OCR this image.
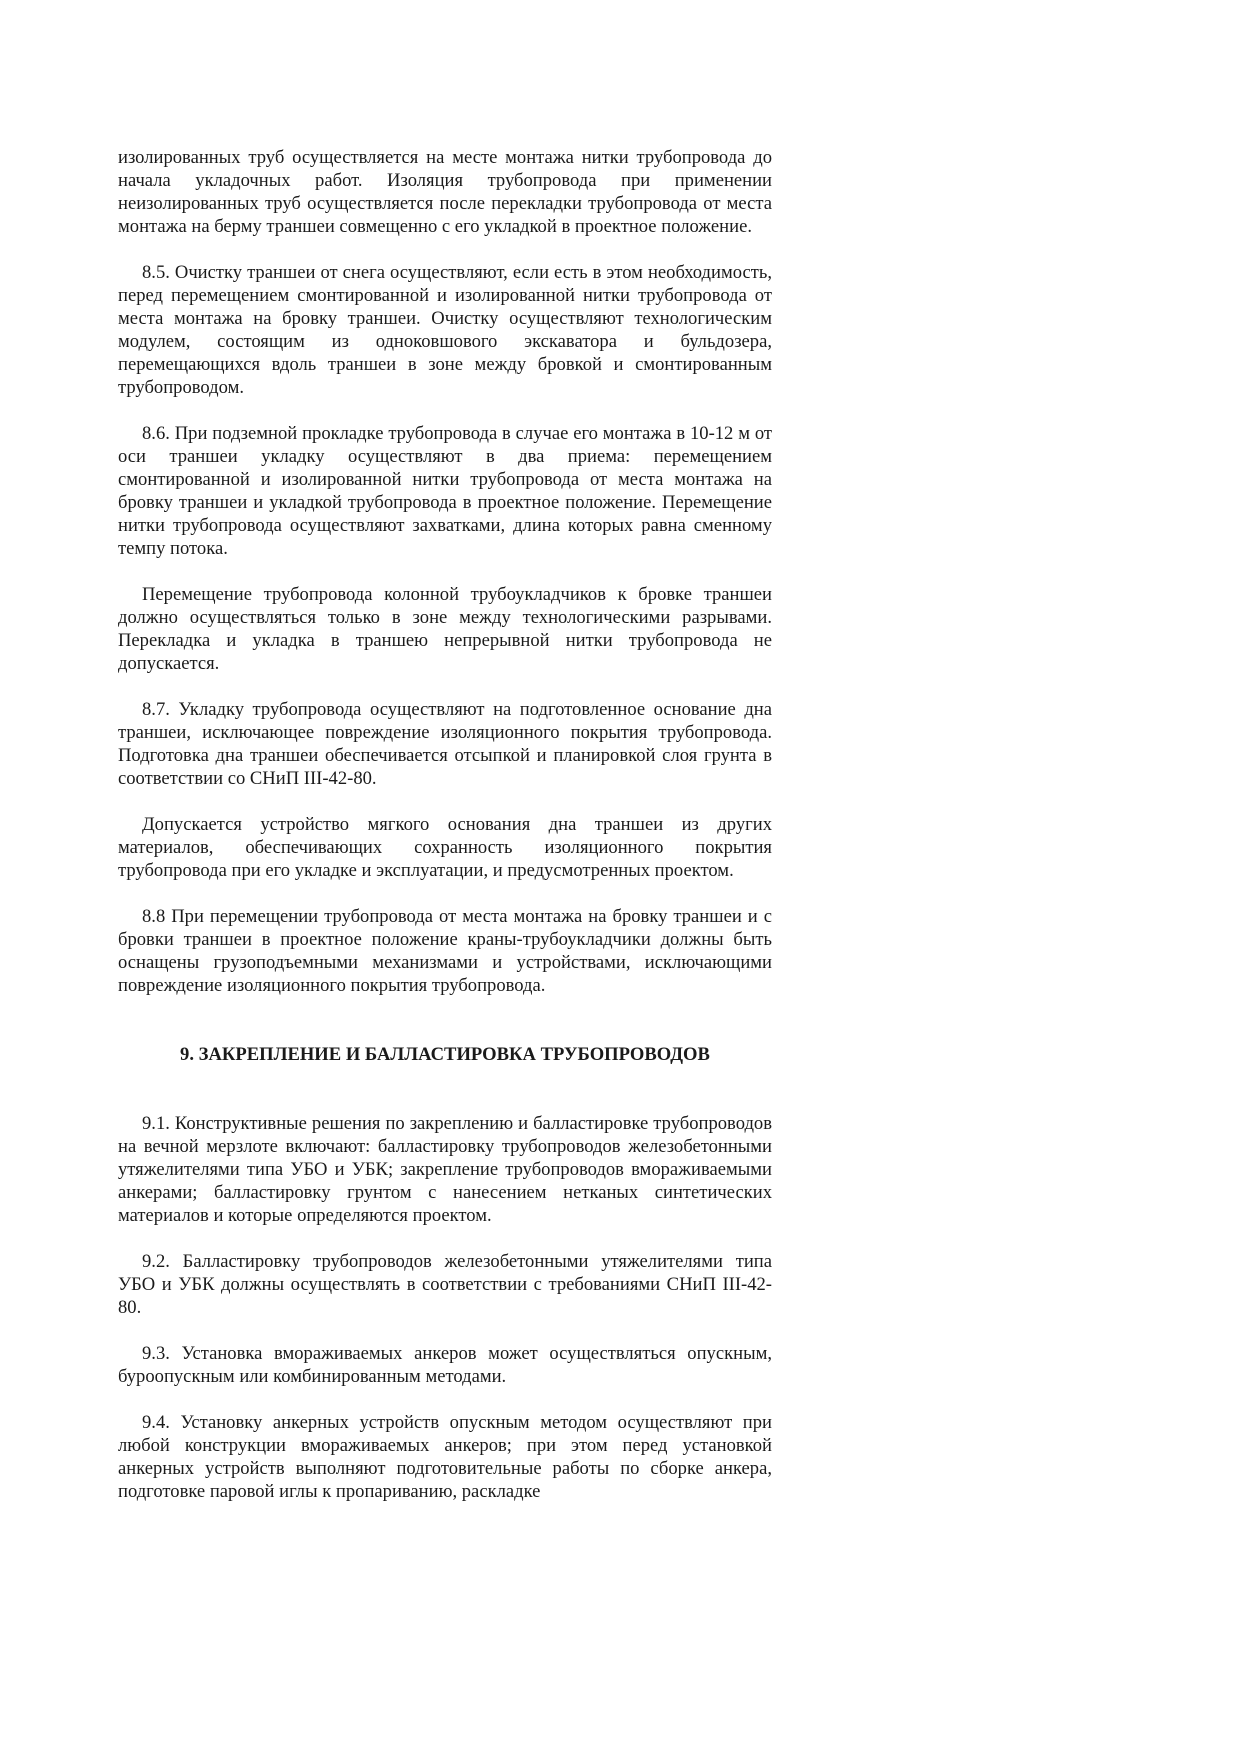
изолированных труб осуществляется на месте монтажа нитки трубопровода до начала укладочных работ. Изоляция трубопровода при применении неизолированных труб осуществляется после перекладки трубопровода от места монтажа на берму траншеи совмещенно с его укладкой в проектное положение.

8.5. Очистку траншеи от снега осуществляют, если есть в этом необходимость, перед перемещением смонтированной и изолированной нитки трубопровода от места монтажа на бровку траншеи. Очистку осуществляют технологическим модулем, состоящим из одноковшового экскаватора и бульдозера, перемещающихся вдоль траншеи в зоне между бровкой и смонтированным трубопроводом.

8.6. При подземной прокладке трубопровода в случае его монтажа в 10-12 м от оси траншеи укладку осуществляют в два приема: перемещением смонтированной и изолированной нитки трубопровода от места монтажа на бровку траншеи и укладкой трубопровода в проектное положение. Перемещение нитки трубопровода осуществляют захватками, длина которых равна сменному темпу потока.

Перемещение трубопровода колонной трубоукладчиков к бровке траншеи должно осуществляться только в зоне между технологическими разрывами. Перекладка и укладка в траншею непрерывной нитки трубопровода не допускается.

8.7. Укладку трубопровода осуществляют на подготовленное основание дна траншеи, исключающее повреждение изоляционного покрытия трубопровода. Подготовка дна траншеи обеспечивается отсыпкой и планировкой слоя грунта в соответствии со СНиП III-42-80.

Допускается устройство мягкого основания дна траншеи из других материалов, обеспечивающих сохранность изоляционного покрытия трубопровода при его укладке и эксплуатации, и предусмотренных проектом.

8.8 При перемещении трубопровода от места монтажа на бровку траншеи и с бровки траншеи в проектное положение краны-трубоукладчики должны быть оснащены грузоподъемными механизмами и устройствами, исключающими повреждение изоляционного покрытия трубопровода.

9. ЗАКРЕПЛЕНИЕ И БАЛЛАСТИРОВКА ТРУБОПРОВОДОВ

9.1. Конструктивные решения по закреплению и балластировке трубопроводов на вечной мерзлоте включают: балластировку трубопроводов железобетонными утяжелителями типа УБО и УБК; закрепление трубопроводов вмораживаемыми анкерами; балластировку грунтом с нанесением нетканых синтетических материалов и которые определяются проектом.

9.2. Балластировку трубопроводов железобетонными утяжелителями типа УБО и УБК должны осуществлять в соответствии с требованиями СНиП III-42-80.

9.3. Установка вмораживаемых анкеров может осуществляться опускным, буроопускным или комбинированным методами.

9.4. Установку анкерных устройств опускным методом осуществляют при любой конструкции вмораживаемых анкеров; при этом перед установкой анкерных устройств выполняют подготовительные работы по сборке анкера, подготовке паровой иглы к пропариванию, раскладке
